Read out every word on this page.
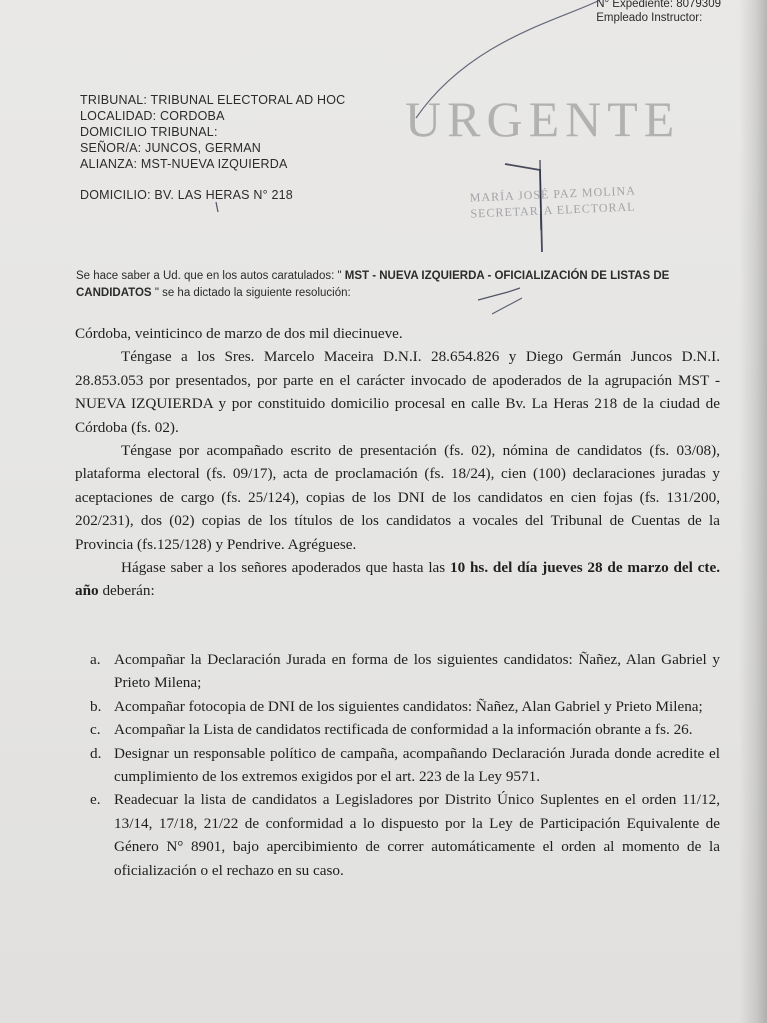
N° Expediente: 8079309
Empleado Instructor:
TRIBUNAL: TRIBUNAL ELECTORAL AD HOC
LOCALIDAD: CORDOBA
DOMICILIO TRIBUNAL:
SEÑOR/A: JUNCOS, GERMAN
ALIANZA: MST-NUEVA IZQUIERDA
DOMICILIO: BV. LAS HERAS N° 218
URGENTE
MARÍA JOSÉ PAZ MOLINA
SECRETARIA ELECTORAL
Se hace saber a Ud. que en los autos caratulados: " MST - NUEVA IZQUIERDA - OFICIALIZACIÓN DE LISTAS DE CANDIDATOS " se ha dictado la siguiente resolución:

Córdoba, veinticinco de marzo de dos mil diecinueve.

Téngase a los Sres. Marcelo Maceira D.N.I. 28.654.826 y Diego Germán Juncos D.N.I. 28.853.053 por presentados, por parte en el carácter invocado de apoderados de la agrupación MST - NUEVA IZQUIERDA y por constituido domicilio procesal en calle Bv. La Heras 218 de la ciudad de Córdoba (fs. 02).

Téngase por acompañado escrito de presentación (fs. 02), nómina de candidatos (fs. 03/08), plataforma electoral (fs. 09/17), acta de proclamación (fs. 18/24), cien (100) declaraciones juradas y aceptaciones de cargo (fs. 25/124), copias de los DNI de los candidatos en cien fojas (fs. 131/200, 202/231), dos (02) copias de los títulos de los candidatos a vocales del Tribunal de Cuentas de la Provincia (fs.125/128) y Pendrive. Agréguese.

Hágase saber a los señores apoderados que hasta las 10 hs. del día jueves 28 de marzo del cte. año deberán:

a. Acompañar la Declaración Jurada en forma de los siguientes candidatos: Ñañez, Alan Gabriel y Prieto Milena;
b. Acompañar fotocopia de DNI de los siguientes candidatos: Ñañez, Alan Gabriel y Prieto Milena;
c. Acompañar la Lista de candidatos rectificada de conformidad a la información obrante a fs. 26.
d. Designar un responsable político de campaña, acompañando Declaración Jurada donde acredite el cumplimiento de los extremos exigidos por el art. 223 de la Ley 9571.
e. Readecuar la lista de candidatos a Legisladores por Distrito Único Suplentes en el orden 11/12, 13/14, 17/18, 21/22 de conformidad a lo dispuesto por la Ley de Participación Equivalente de Género N° 8901, bajo apercibimiento de correr automáticamente el orden al momento de la oficialización o el rechazo en su caso.
